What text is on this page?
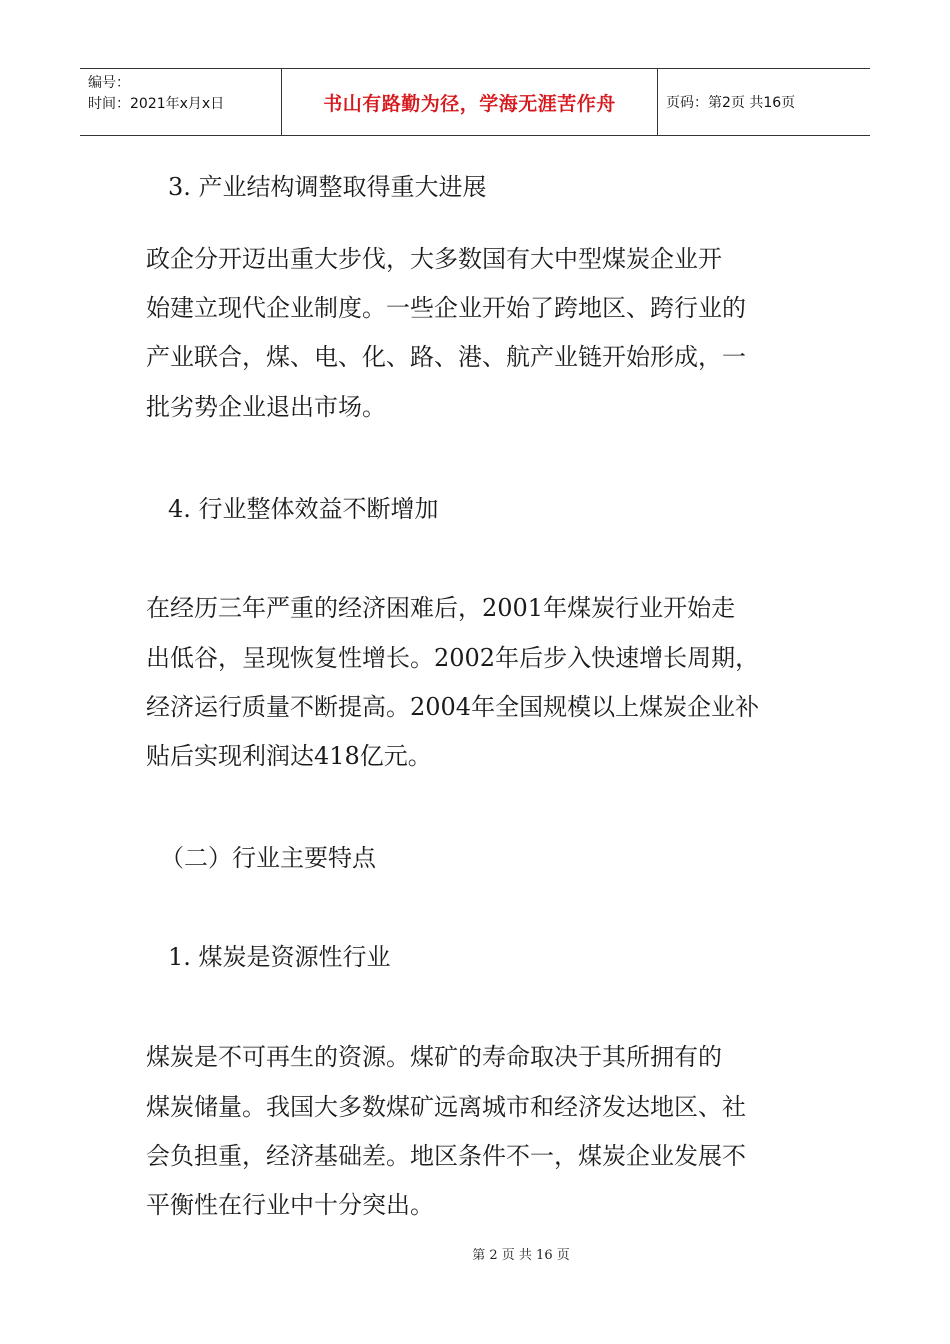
编号：
时间：2021年x月x日	书山有路勤为径，学海无涯苦作舟	页码：第2页 共16页
3. 产业结构调整取得重大进展
政企分开迈出重大步伐，大多数国有大中型煤炭企业开
始建立现代企业制度。一些企业开始了跨地区、跨行业的
产业联合，煤、电、化、路、港、航产业链开始形成，一
批劣势企业退出市场。
4. 行业整体效益不断增加
在经历三年严重的经济困难后，2001年煤炭行业开始走
出低谷，呈现恢复性增长。2002年后步入快速增长周期，
经济运行质量不断提高。2004年全国规模以上煤炭企业补
贴后实现利润达418亿元。
（二）行业主要特点
1. 煤炭是资源性行业
煤炭是不可再生的资源。煤矿的寿命取决于其所拥有的
煤炭储量。我国大多数煤矿远离城市和经济发达地区、社
会负担重，经济基础差。地区条件不一，煤炭企业发展不
平衡性在行业中十分突出。
第 2 页 共 16 页
